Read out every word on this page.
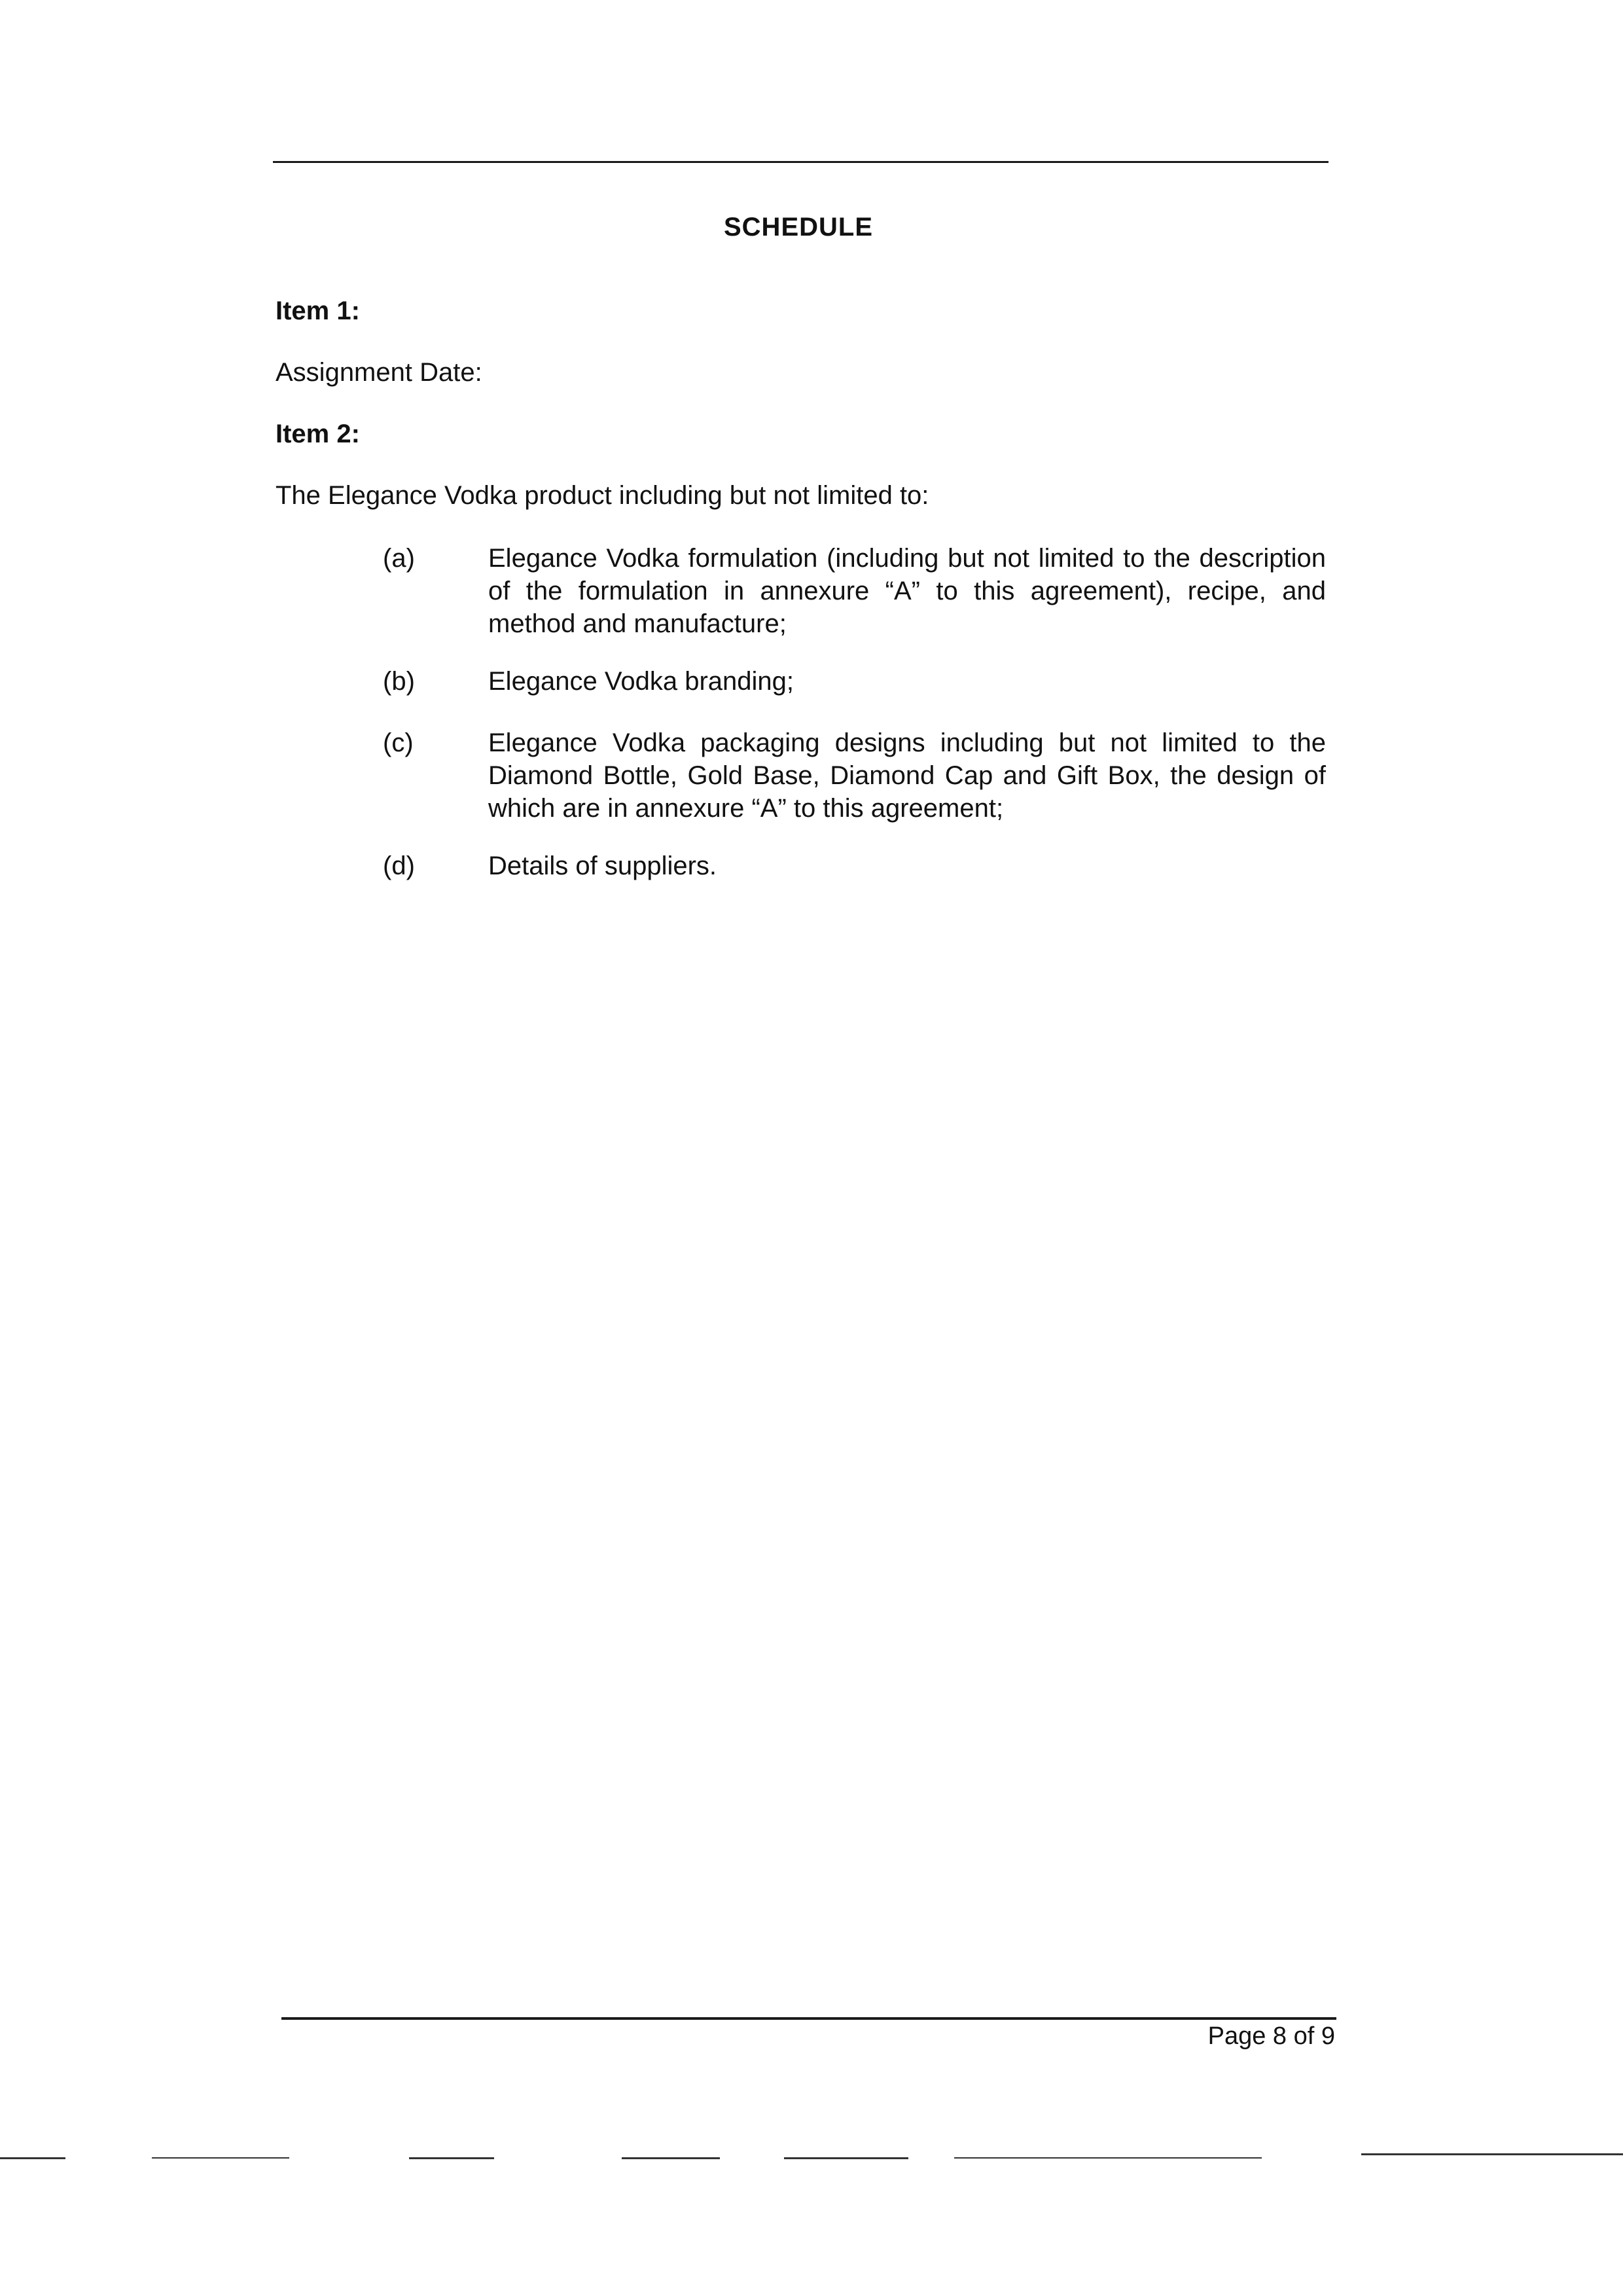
SCHEDULE
Item 1:
Assignment Date:
Item 2:
The Elegance Vodka product including but not limited to:
(a)	Elegance Vodka formulation (including but not limited to the description of the formulation in annexure “A” to this agreement), recipe, and method and manufacture;
(b)	Elegance Vodka branding;
(c)	Elegance Vodka packaging designs including but not limited to the Diamond Bottle, Gold Base, Diamond Cap and Gift Box, the design of which are in annexure “A” to this agreement;
(d)	Details of suppliers.
Page 8 of 9
